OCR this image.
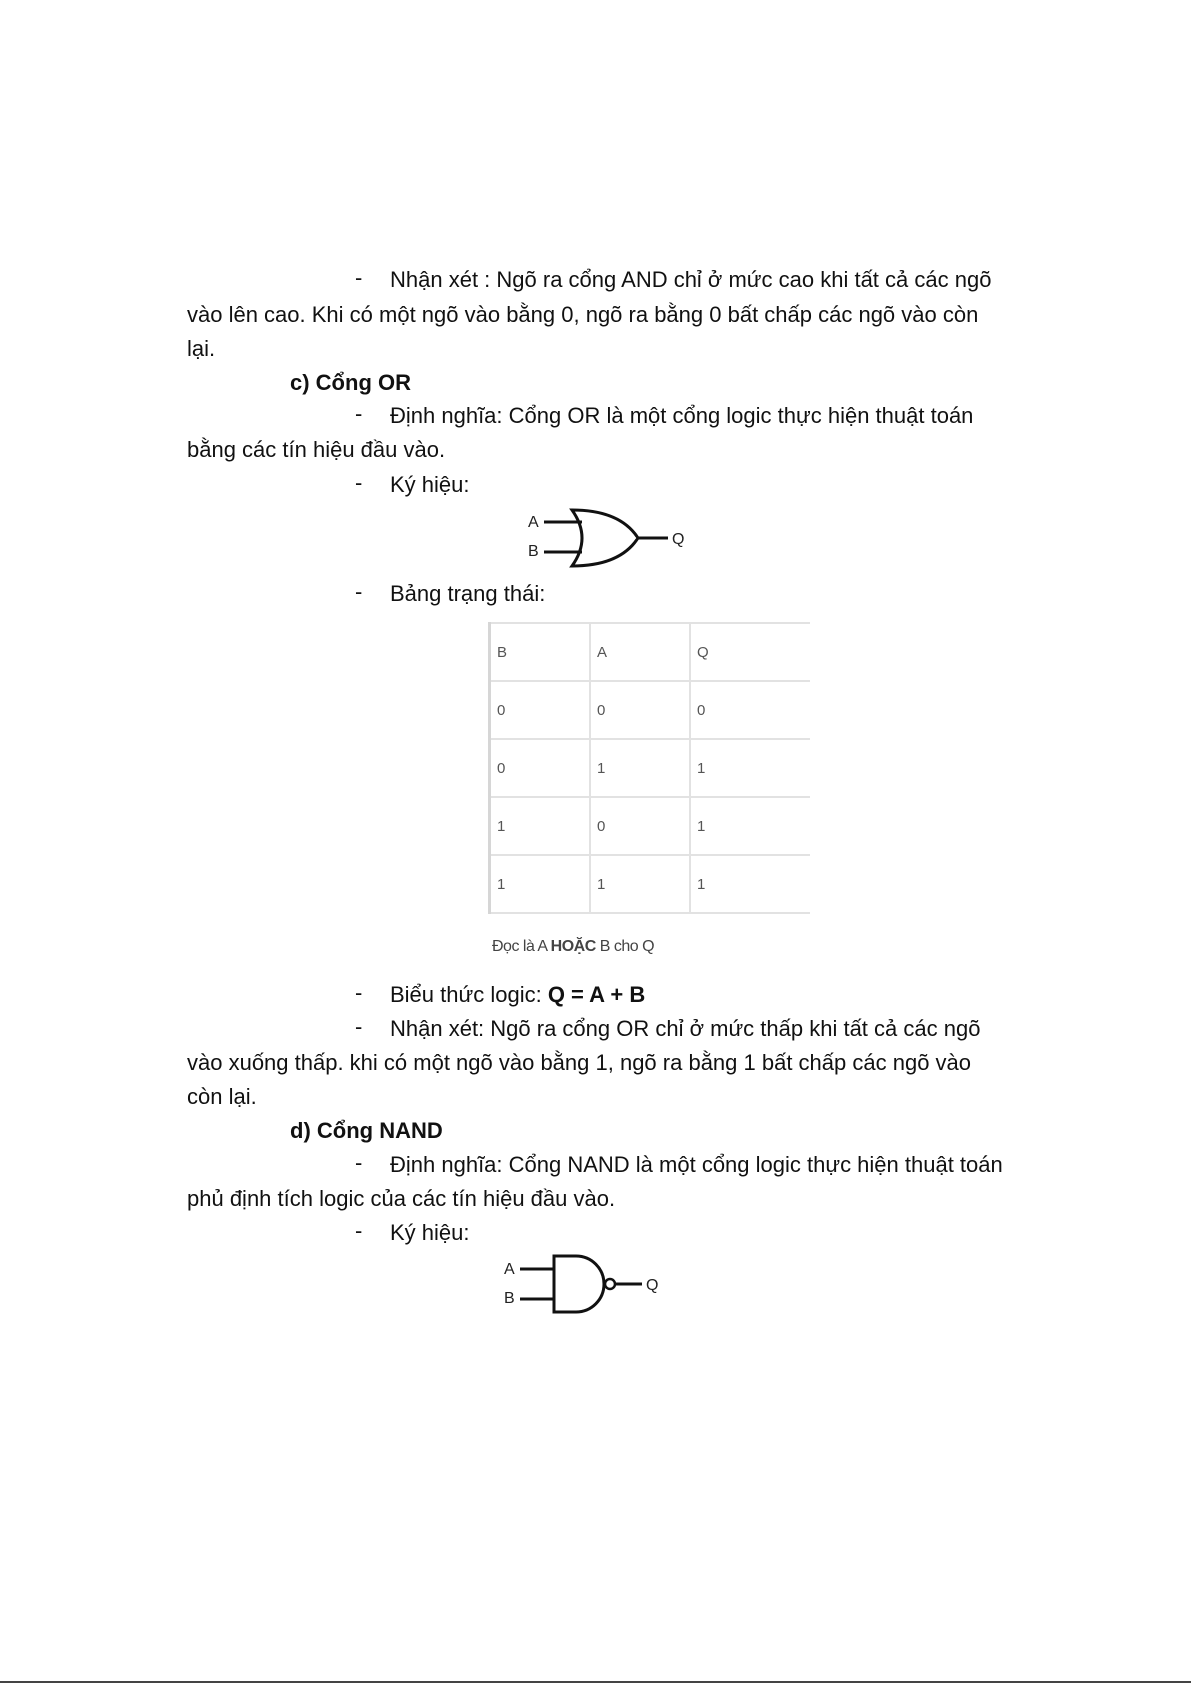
- Nhận xét : Ngõ ra cổng AND chỉ ở mức cao khi tất cả các ngõ
vào lên cao. Khi có một ngõ vào bằng 0, ngõ ra bằng 0 bất chấp các ngõ vào còn
lại.
c) Cổng OR
- Định nghĩa: Cổng OR là một cổng logic thực hiện thuật toán
bằng các tín hiệu đầu vào.
- Ký hiệu:
A
B
Q
- Bảng trạng thái:
B	A	Q
0	0	0
0	1	1
1	0	1
1	1	1
Đọc là A HOẶC B cho Q
- Biểu thức logic: Q = A + B
- Nhận xét: Ngõ ra cổng OR chỉ ở mức thấp khi tất cả các ngõ
vào xuống thấp. khi có một ngõ vào bằng 1, ngõ ra bằng 1 bất chấp các ngõ vào
còn lại.
d) Cổng NAND
- Định nghĩa: Cổng NAND là một cổng logic thực hiện thuật toán
phủ định tích logic của các tín hiệu đầu vào.
- Ký hiệu:
A
B
Q
